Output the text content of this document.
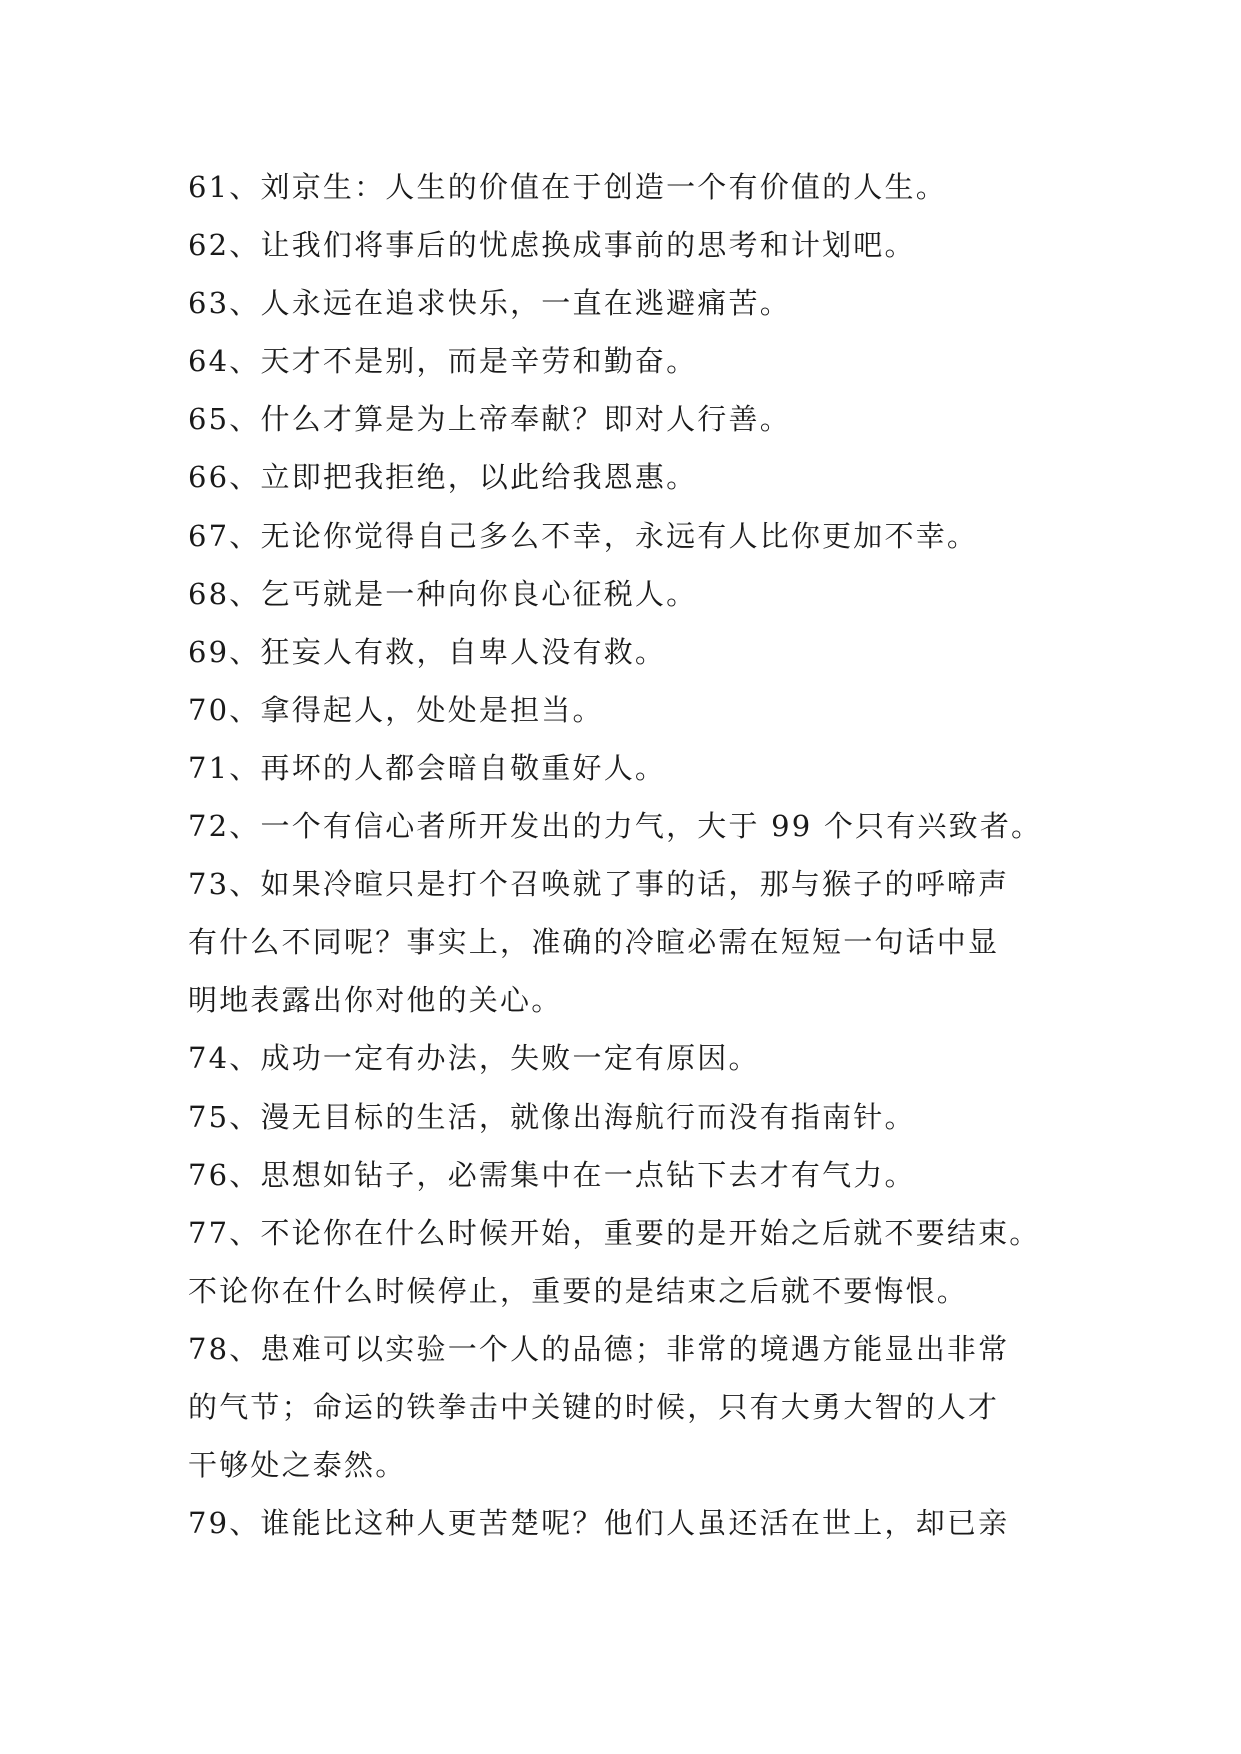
61、刘京生：人生的价值在于创造一个有价值的人生。
62、让我们将事后的忧虑换成事前的思考和计划吧。
63、人永远在追求快乐，一直在逃避痛苦。
64、天才不是别，而是辛劳和勤奋。
65、什么才算是为上帝奉献？即对人行善。
66、立即把我拒绝，以此给我恩惠。
67、无论你觉得自己多么不幸，永远有人比你更加不幸。
68、乞丐就是一种向你良心征税人。
69、狂妄人有救，自卑人没有救。
70、拿得起人，处处是担当。
71、再坏的人都会暗自敬重好人。
72、一个有信心者所开发出的力气，大于 99 个只有兴致者。
73、如果冷暄只是打个召唤就了事的话，那与猴子的呼啼声
有什么不同呢？事实上，准确的冷暄必需在短短一句话中显
明地表露出你对他的关心。
74、成功一定有办法，失败一定有原因。
75、漫无目标的生活，就像出海航行而没有指南针。
76、思想如钻子，必需集中在一点钻下去才有气力。
77、不论你在什么时候开始，重要的是开始之后就不要结束。
不论你在什么时候停止，重要的是结束之后就不要悔恨。
78、患难可以实验一个人的品德；非常的境遇方能显出非常
的气节；命运的铁拳击中关键的时候，只有大勇大智的人才
干够处之泰然。
79、谁能比这种人更苦楚呢？他们人虽还活在世上，却已亲
